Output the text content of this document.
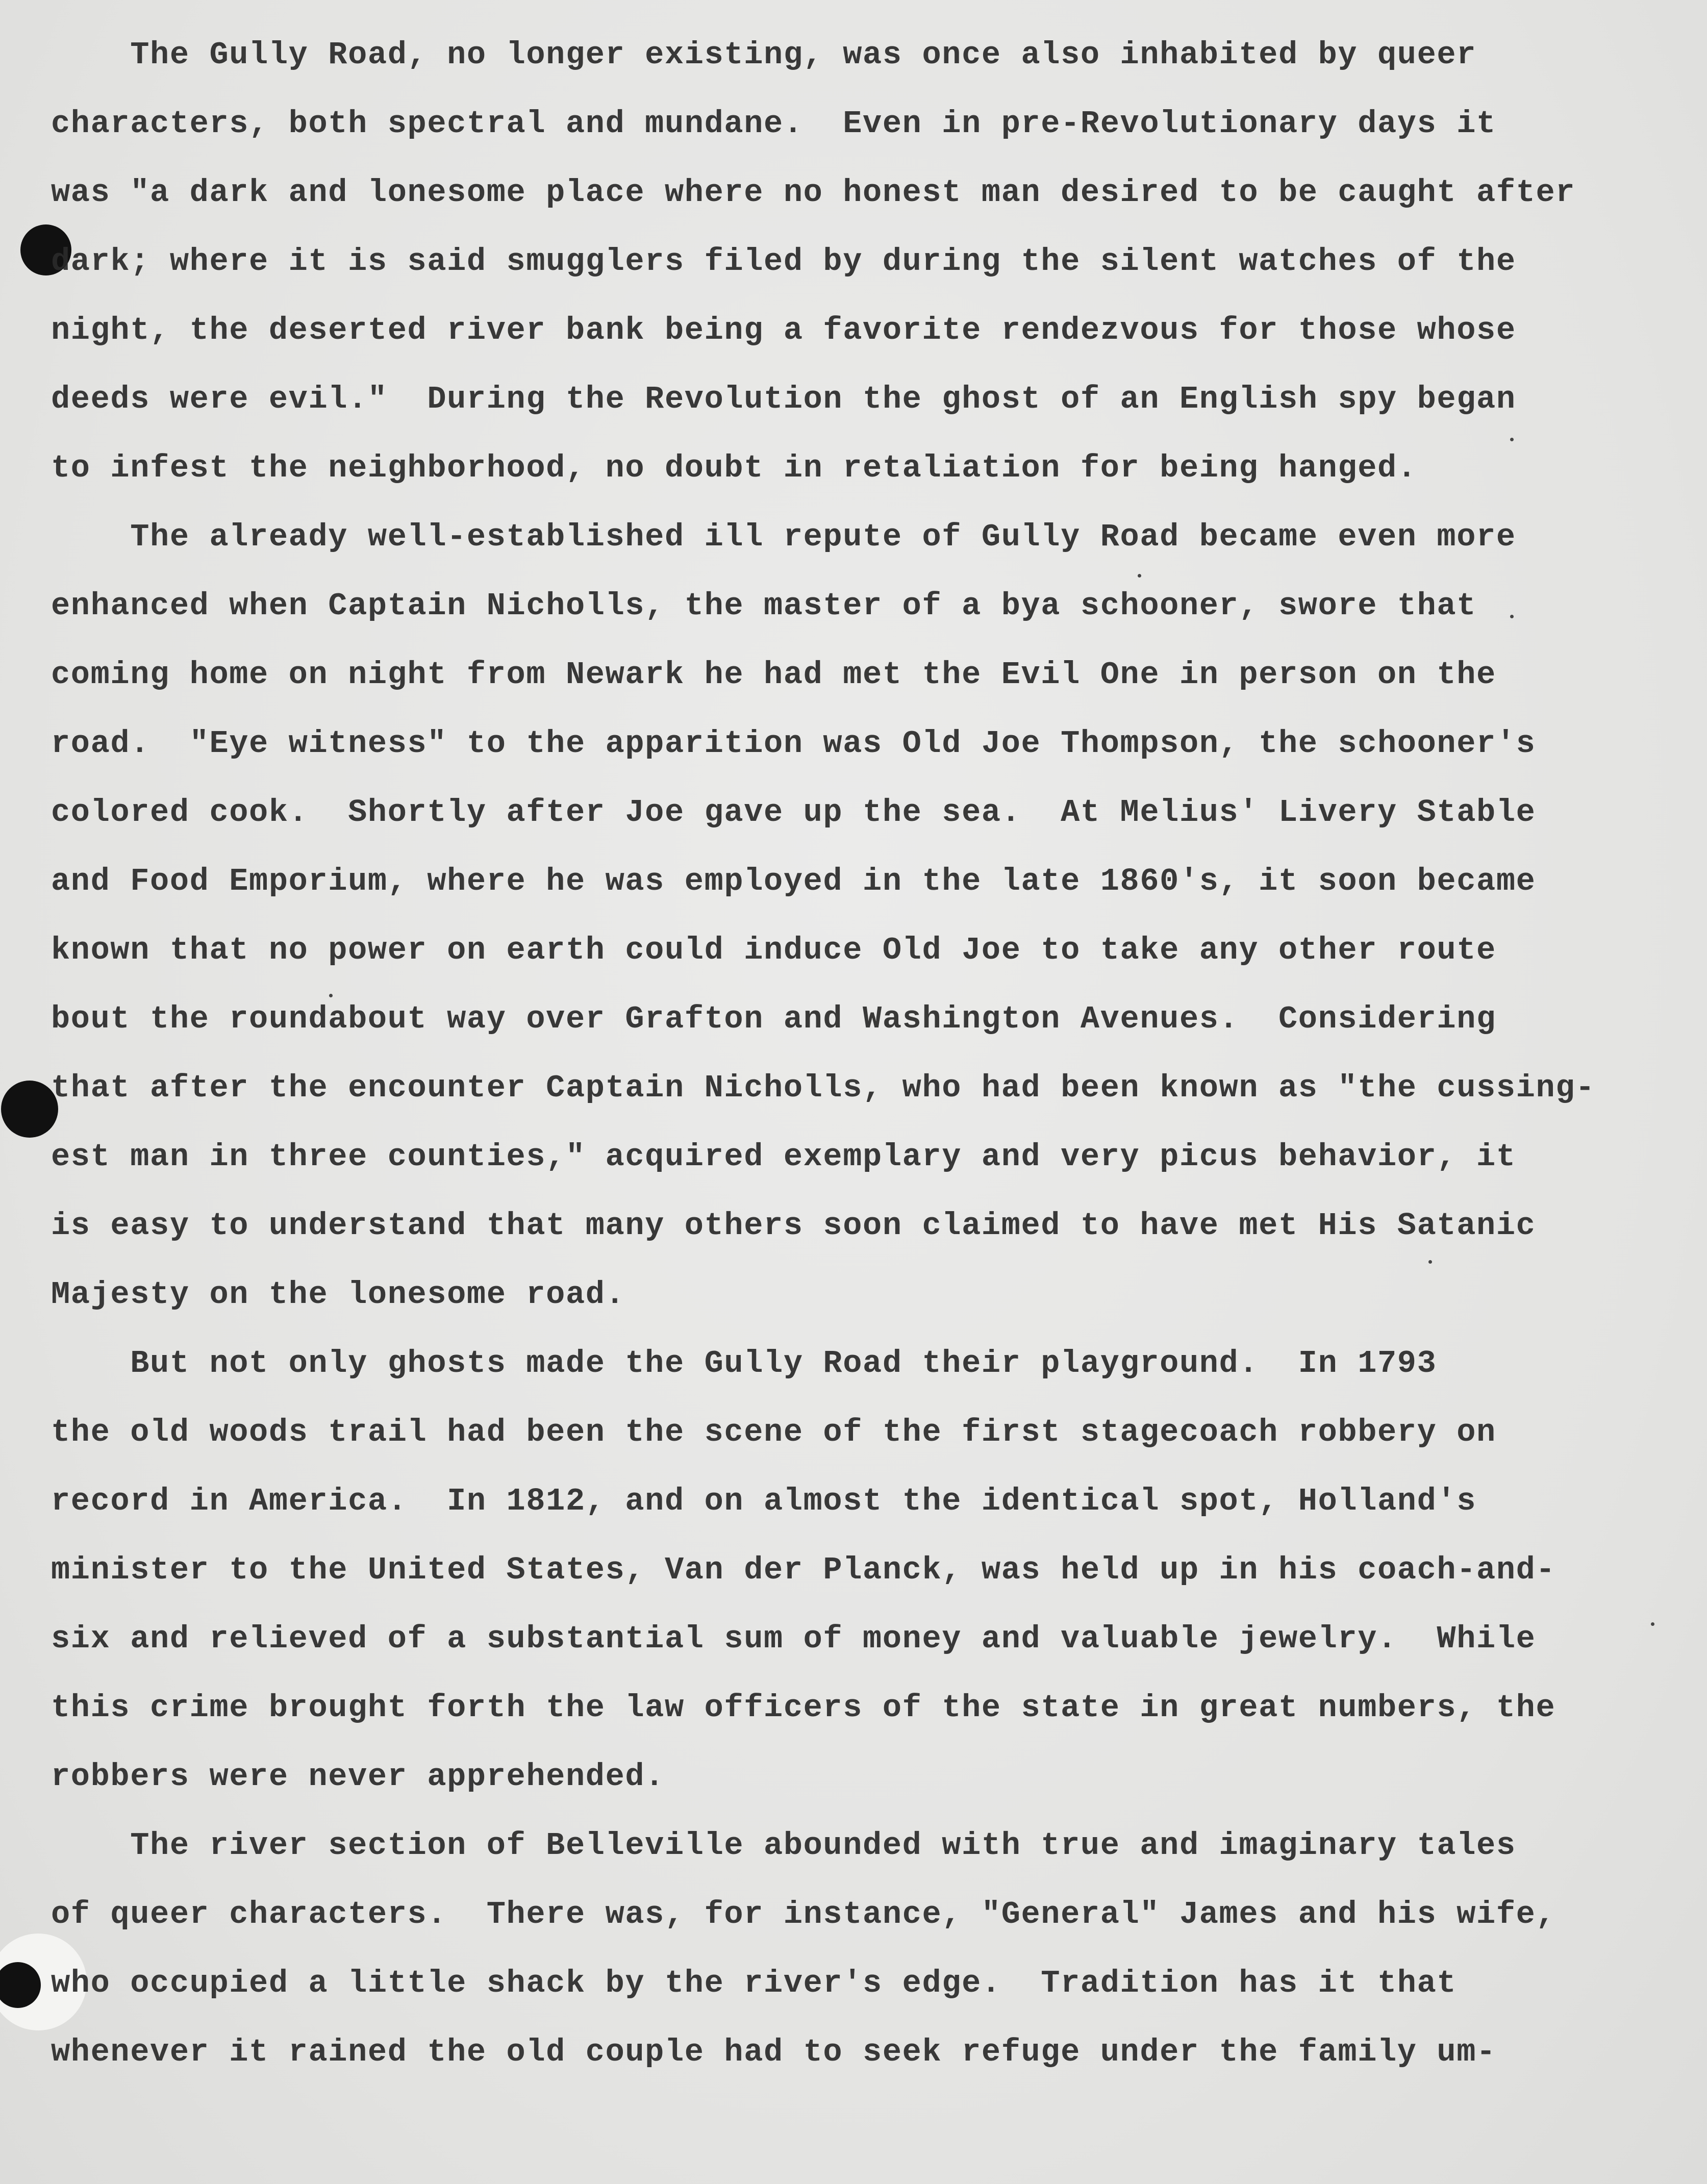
The Gully Road, no longer existing, was once also inhabited by queer
characters, both spectral and mundane.  Even in pre-Revolutionary days it
was "a dark and lonesome place where no honest man desired to be caught after
dark; where it is said smugglers filed by during the silent watches of the
night, the deserted river bank being a favorite rendezvous for those whose
deeds were evil."  During the Revolution the ghost of an English spy began
to infest the neighborhood, no doubt in retaliation for being hanged.
The already well-established ill repute of Gully Road became even more
enhanced when Captain Nicholls, the master of a bya schooner, swore that
coming home on night from Newark he had met the Evil One in person on the
road.  "Eye witness" to the apparition was Old Joe Thompson, the schooner's
colored cook.  Shortly after Joe gave up the sea.  At Melius' Livery Stable
and Food Emporium, where he was employed in the late 1860's, it soon became
known that no power on earth could induce Old Joe to take any other route
bout the roundabout way over Grafton and Washington Avenues.  Considering
that after the encounter Captain Nicholls, who had been known as "the cussing-
est man in three counties," acquired exemplary and very picus behavior, it
is easy to understand that many others soon claimed to have met His Satanic
Majesty on the lonesome road.
But not only ghosts made the Gully Road their playground.  In 1793
the old woods trail had been the scene of the first stagecoach robbery on
record in America.  In 1812, and on almost the identical spot, Holland's
minister to the United States, Van der Planck, was held up in his coach-and-
six and relieved of a substantial sum of money and valuable jewelry.  While
this crime brought forth the law officers of the state in great numbers, the
robbers were never apprehended.
The river section of Belleville abounded with true and imaginary tales
of queer characters.  There was, for instance, "General" James and his wife,
who occupied a little shack by the river's edge.  Tradition has it that
whenever it rained the old couple had to seek refuge under the family um-
